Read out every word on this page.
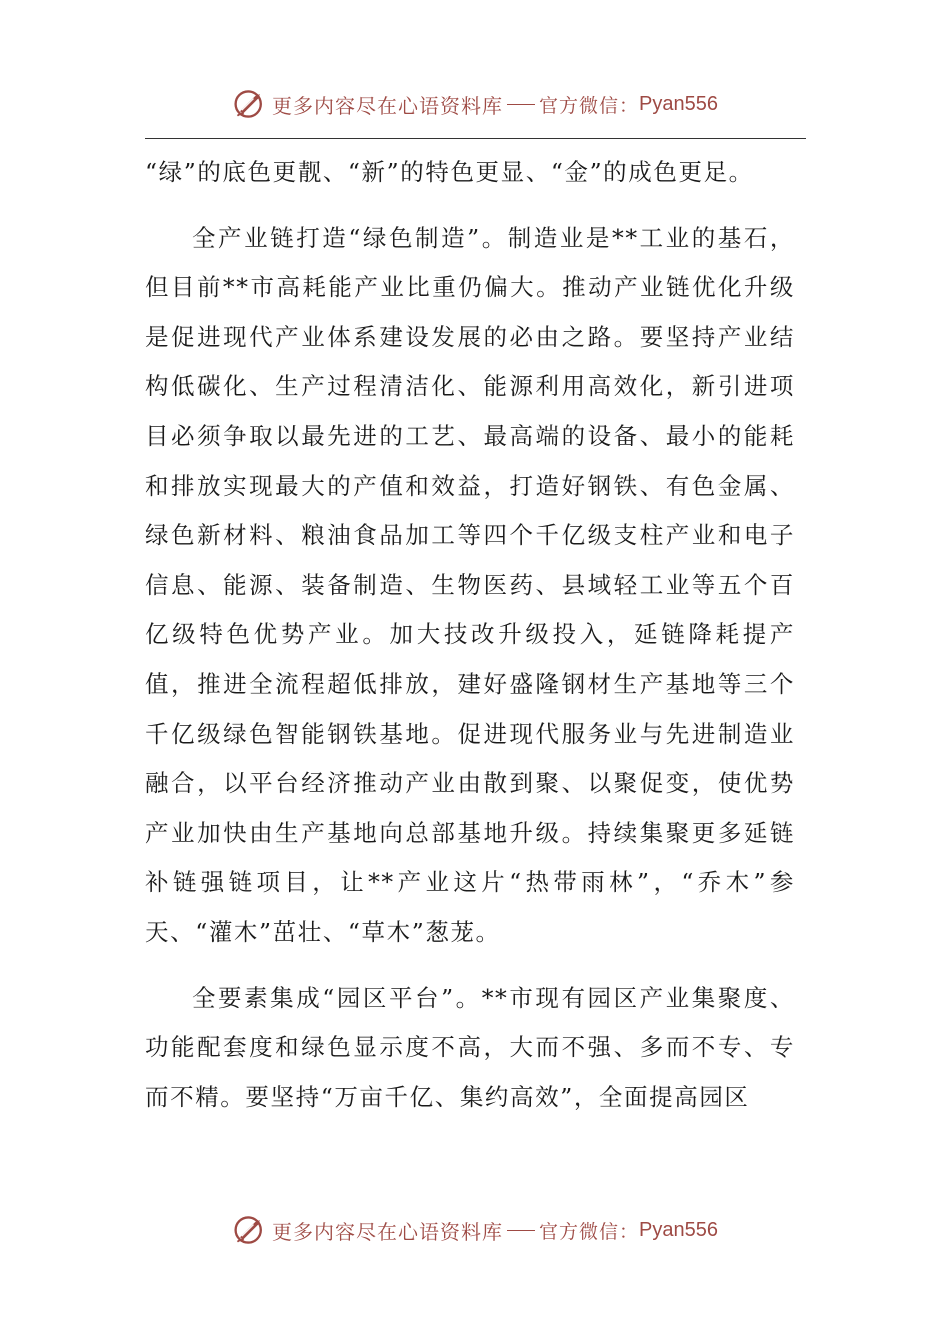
更多内容尽在心语资料库 官方微信： Pyan556

“绿”的底色更靓、“新”的特色更显、“金”的成色更足。

全产业链打造“绿色制造”。制造业是**工业的基石，但目前**市高耗能产业比重仍偏大。推动产业链优化升级是促进现代产业体系建设发展的必由之路。要坚持产业结构低碳化、生产过程清洁化、能源利用高效化，新引进项目必须争取以最先进的工艺、最高端的设备、最小的能耗和排放实现最大的产值和效益，打造好钢铁、有色金属、绿色新材料、粮油食品加工等四个千亿级支柱产业和电子信息、能源、装备制造、生物医药、县域轻工业等五个百亿级特色优势产业。加大技改升级投入，延链降耗提产值，推进全流程超低排放，建好盛隆钢材生产基地等三个千亿级绿色智能钢铁基地。促进现代服务业与先进制造业融合，以平台经济推动产业由散到聚、以聚促变，使优势产业加快由生产基地向总部基地升级。持续集聚更多延链补链强链项目，让**产业这片“热带雨林”，“乔木”参天、“灌木”茁壮、“草木”葱茏。

全要素集成“园区平台”。**市现有园区产业集聚度、功能配套度和绿色显示度不高，大而不强、多而不专、专而不精。要坚持“万亩千亿、集约高效”，全面提高园区

更多内容尽在心语资料库 官方微信： Pyan556
